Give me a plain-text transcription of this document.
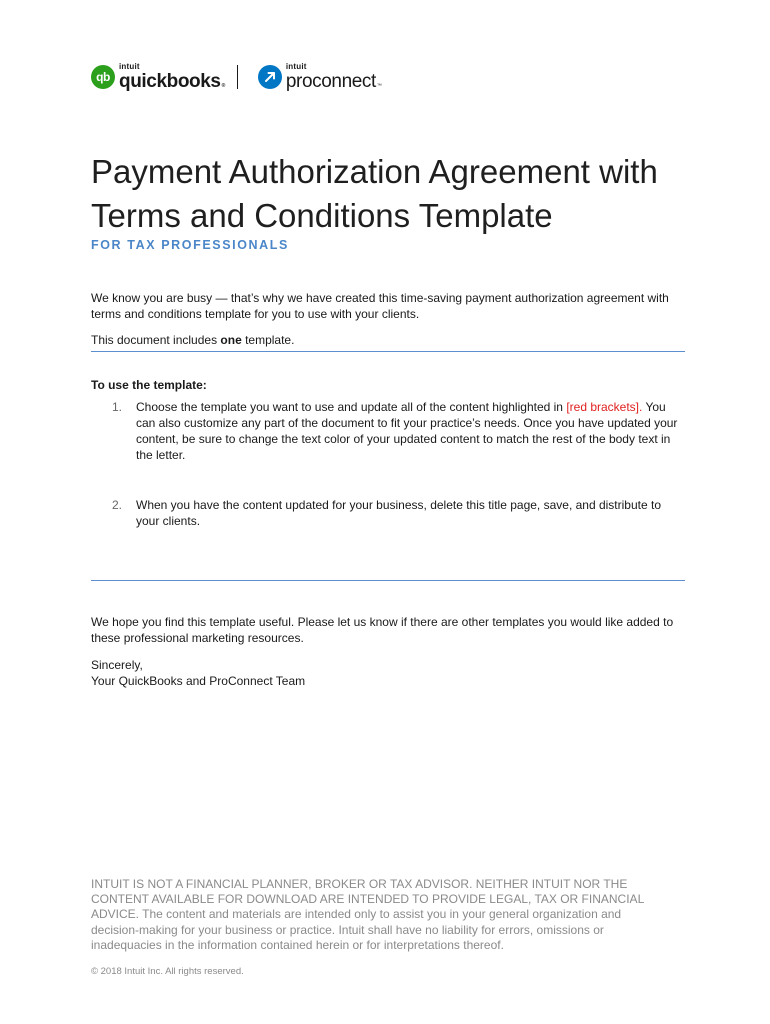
qb
intuit
quickbooks®
intuit
proconnect™
Payment Authorization Agreement with Terms and Conditions Template
FOR TAX PROFESSIONALS

We know you are busy — that’s why we have created this time-saving payment authorization agreement with terms and conditions template for you to use with your clients.

This document includes one template.

To use the template:
1.	Choose the template you want to use and update all of the content highlighted in [red brackets]. You can also customize any part of the document to fit your practice’s needs. Once you have updated your content, be sure to change the text color of your updated content to match the rest of the body text in the letter.
2.	When you have the content updated for your business, delete this title page, save, and distribute to your clients.

We hope you find this template useful. Please let us know if there are other templates you would like added to these professional marketing resources.

Sincerely,

Your QuickBooks and ProConnect Team

INTUIT IS NOT A FINANCIAL PLANNER, BROKER OR TAX ADVISOR. NEITHER INTUIT NOR THE CONTENT AVAILABLE FOR DOWNLOAD ARE INTENDED TO PROVIDE LEGAL, TAX OR FINANCIAL ADVICE. The content and materials are intended only to assist you in your general organization and decision-making for your business or practice. Intuit shall have no liability for errors, omissions or inadequacies in the information contained herein or for interpretations thereof.

© 2018 Intuit Inc. All rights reserved.
